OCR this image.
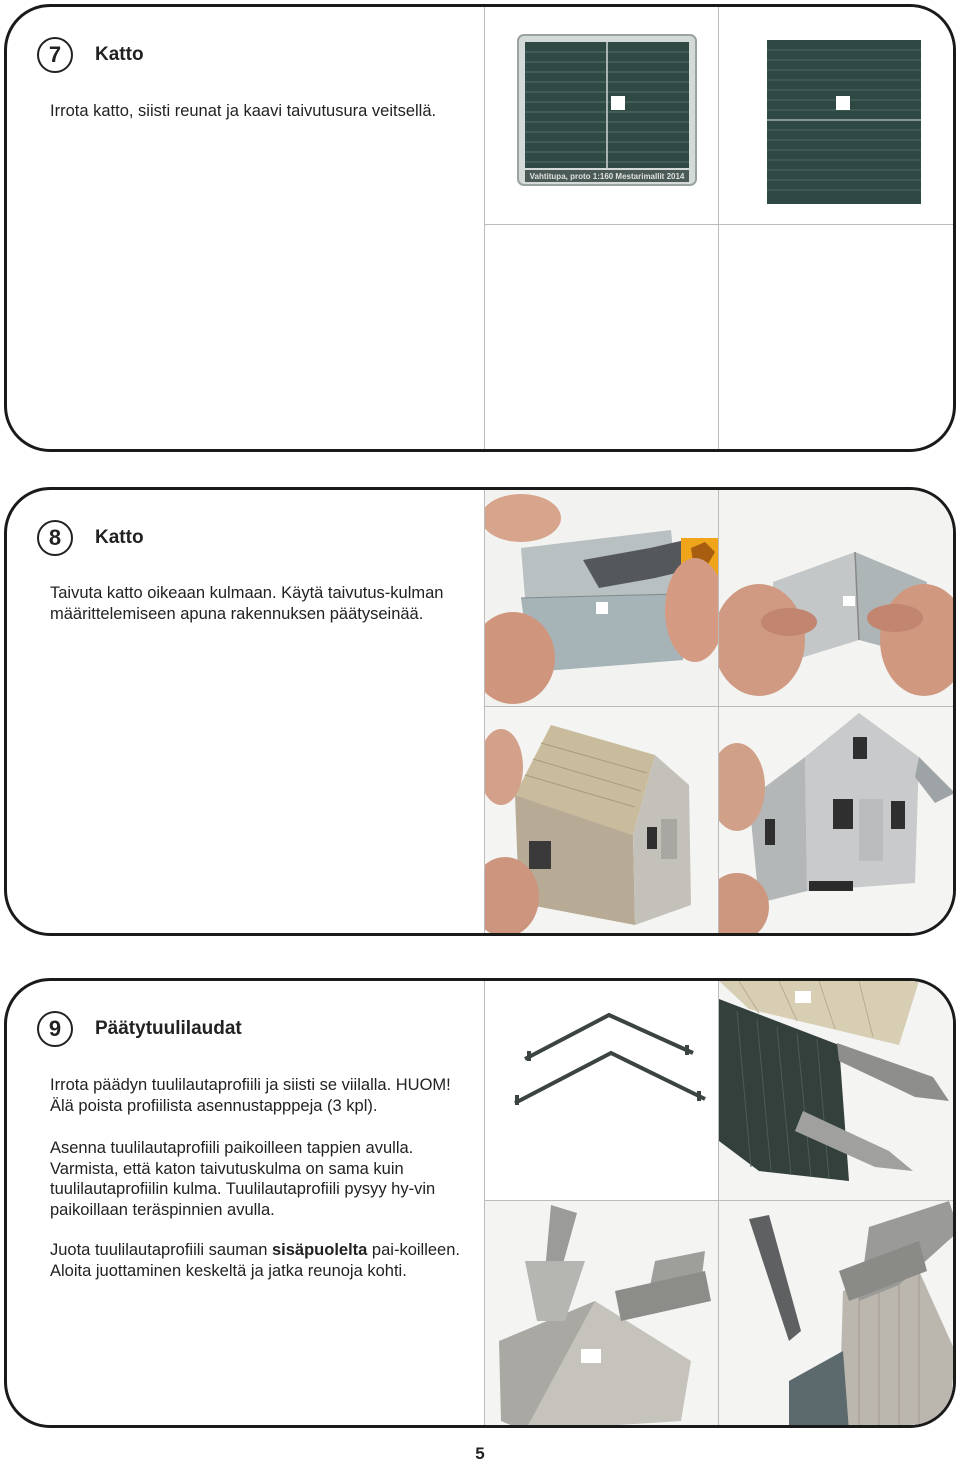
7	Katto

Irrota katto, siisti reunat ja kaavi taivutusura veitsellä.

Vahtitupa, proto 1:160 Mestarimallit 2014
8	Katto

Taivuta katto oikeaan kulmaan. Käytä taivutus-kulman määrittelemiseen apuna rakennuksen päätyseinää.

9	Päätytuulilaudat

Irrota päädyn tuulilautaprofiili ja siisti se viilalla. HUOM! Älä poista profiilista asennustapppeja (3 kpl).

Asenna tuulilautaprofiili paikoilleen tappien avulla. Varmista, että katon taivutuskulma on sama kuin tuulilautaprofiilin kulma. Tuulilautaprofiili pysyy hy-vin paikoillaan teräspinnien avulla.

Juota tuulilautaprofiili sauman sisäpuolelta pai-koilleen. Aloita juottaminen keskeltä ja jatka reunoja kohti.

5
